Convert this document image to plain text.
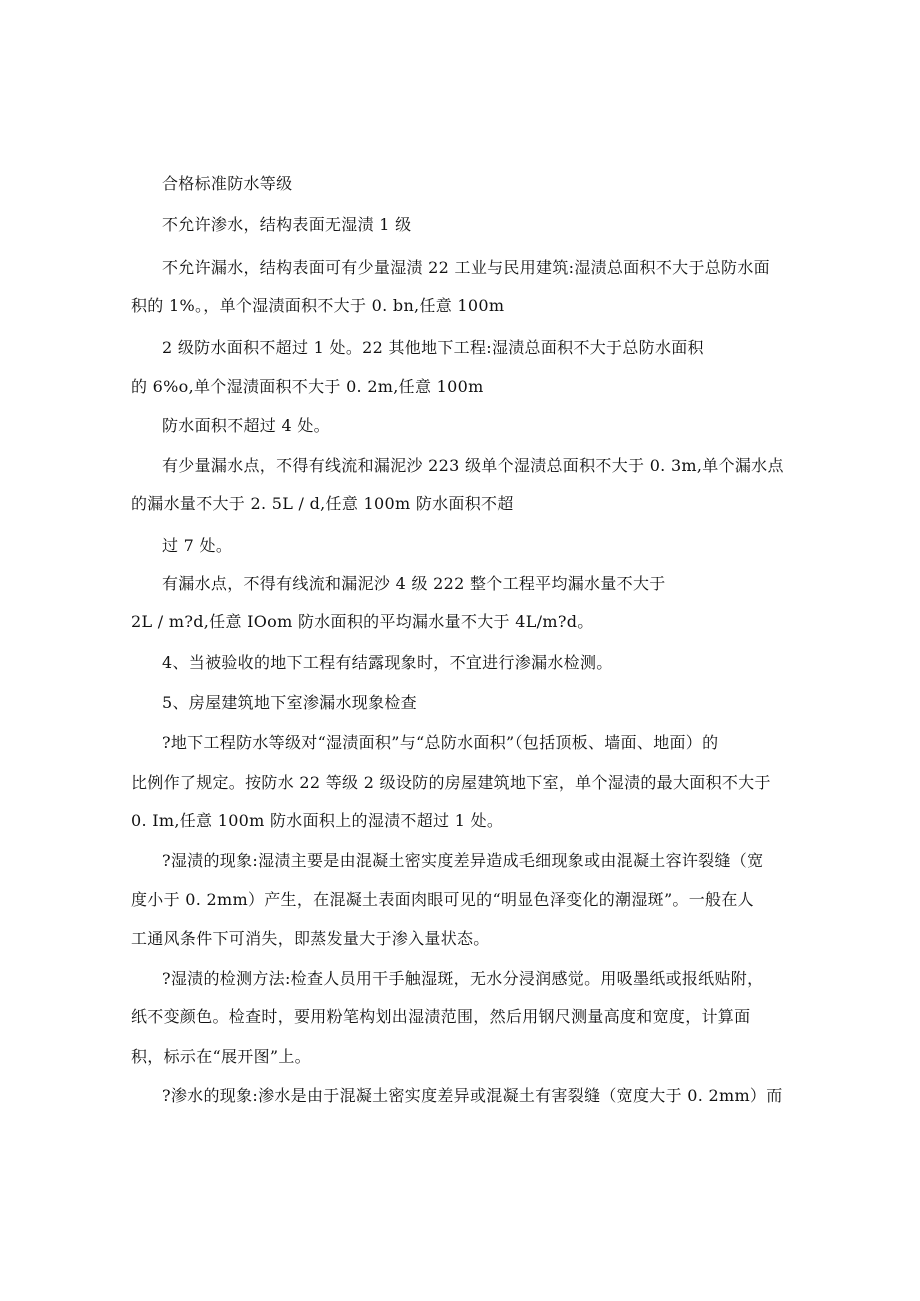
合格标准防水等级
不允许渗水，结构表面无湿渍 1 级
不允许漏水，结构表面可有少量湿渍 22 工业与民用建筑:湿渍总面积不大于总防水面
积的 1%。，单个湿渍面积不大于 0. bn,任意 100m
2 级防水面积不超过 1 处。22 其他地下工程:湿渍总面积不大于总防水面积
的 6%o,单个湿渍面积不大于 0. 2m,任意 100m
防水面积不超过 4 处。
有少量漏水点，不得有线流和漏泥沙 223 级单个湿渍总面积不大于 0. 3m,单个漏水点
的漏水量不大于 2. 5L / d,任意 100m 防水面积不超
过 7 处。
有漏水点，不得有线流和漏泥沙 4 级 222 整个工程平均漏水量不大于
2L / m?d,任意 IOom 防水面积的平均漏水量不大于 4L/m?d。
4、当被验收的地下工程有结露现象时，不宜进行渗漏水检测。
5、房屋建筑地下室渗漏水现象检查
?地下工程防水等级对“湿渍面积”与“总防水面积”（包括顶板、墙面、地面）的
比例作了规定。按防水 22 等级 2 级设防的房屋建筑地下室，单个湿渍的最大面积不大于
0. Im,任意 100m 防水面积上的湿渍不超过 1 处。
?湿渍的现象:湿渍主要是由混凝土密实度差异造成毛细现象或由混凝土容许裂缝（宽
度小于 0. 2mm）产生，在混凝土表面肉眼可见的“明显色泽变化的潮湿斑”。一般在人
工通风条件下可消失，即蒸发量大于渗入量状态。
?湿渍的检测方法:检查人员用干手触湿斑，无水分浸润感觉。用吸墨纸或报纸贴附，
纸不变颜色。检查时，要用粉笔构划出湿渍范围，然后用钢尺测量高度和宽度，计算面
积，标示在“展开图”上。
?渗水的现象:渗水是由于混凝土密实度差异或混凝土有害裂缝（宽度大于 0. 2mm）而
